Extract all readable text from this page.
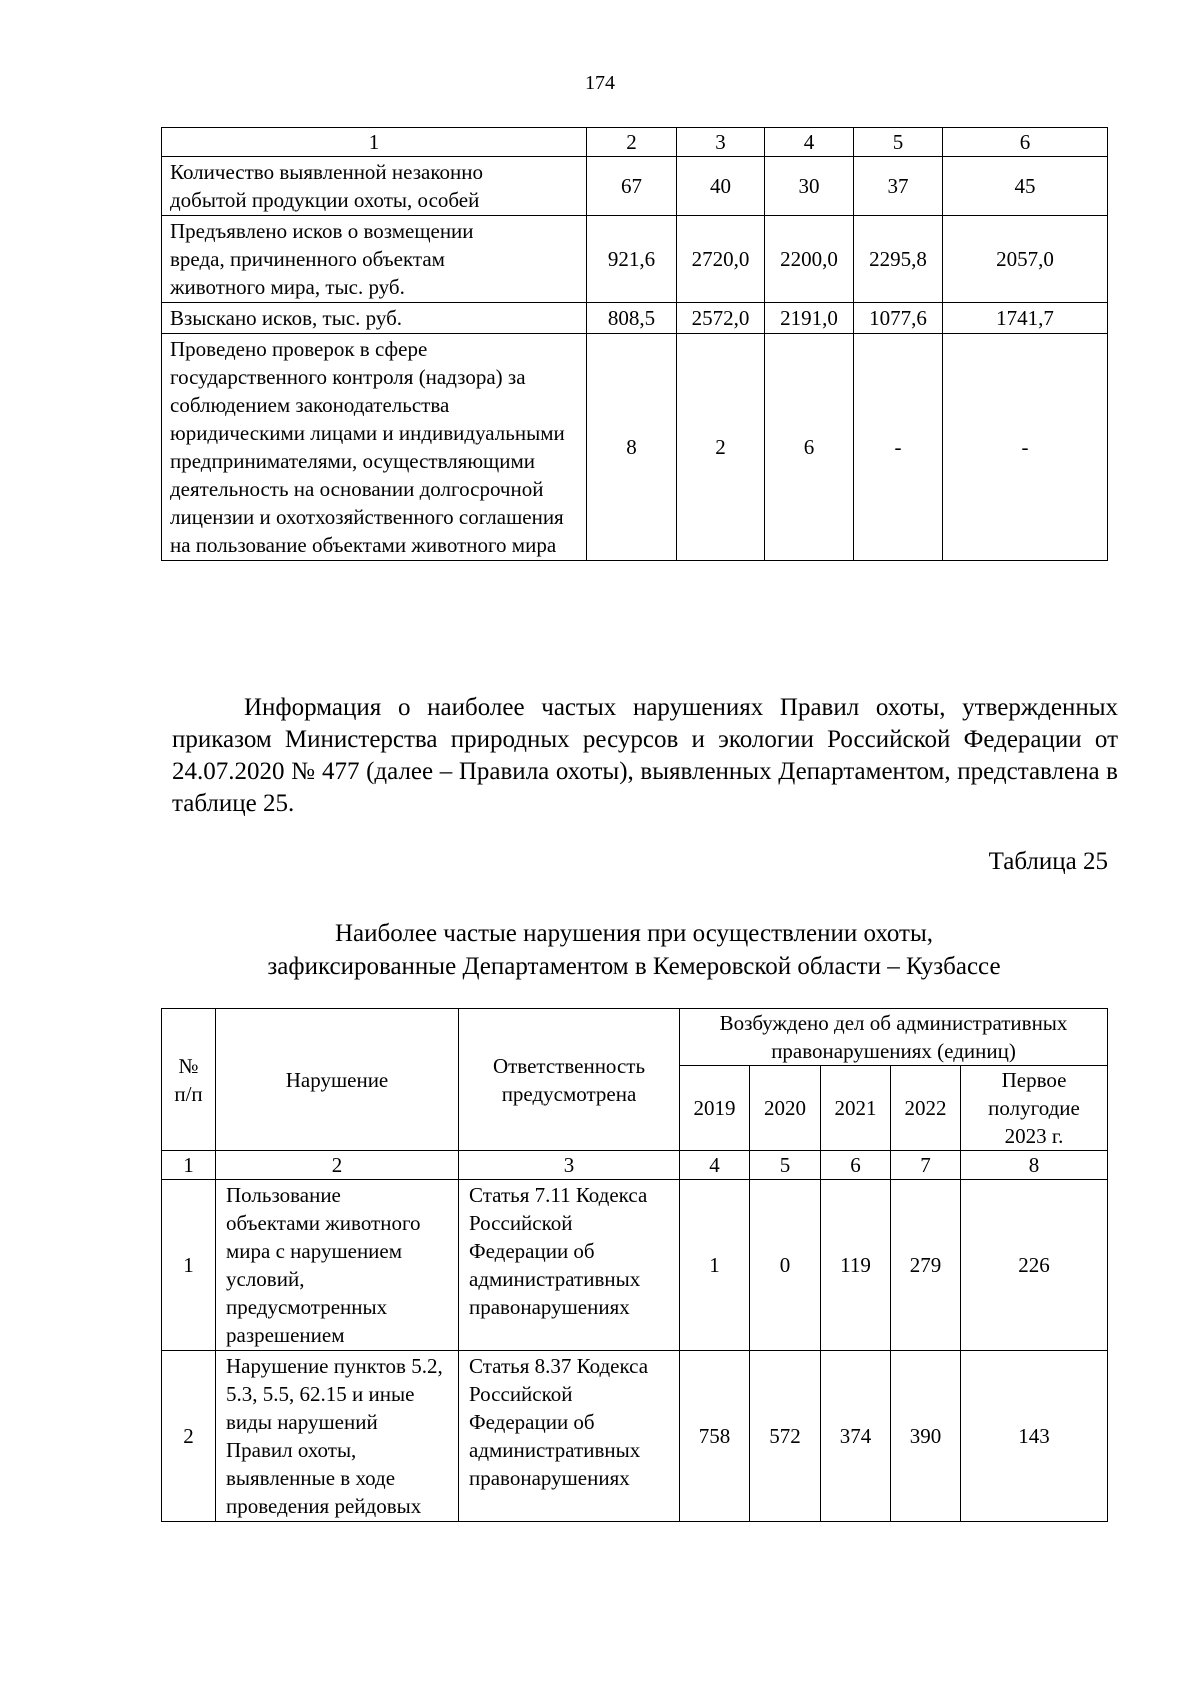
174
1	2	3	4	5	6

Количество выявленной незаконно добытой продукции охоты, особей	67	40	30	37	45

Предъявлено исков о возмещении вреда, причиненного объектам животного мира, тыс. руб.	921,6	2720,0	2200,0	2295,8	2057,0
Взыскано исков, тыс. руб.	808,5	2572,0	2191,0	1077,6	1741,7

Проведено проверок в сфере государственного контроля (надзора) за соблюдением законодательства юридическими лицами и индивидуальными предпринимателями, осуществляющими деятельность на основании долгосрочной лицензии и охотхозяйственного соглашения на пользование объектами животного мира	8	2	6	-	-
Информация о наиболее частых нарушениях Правил охоты, утвержденных приказом Министерства природных ресурсов и экологии Российской Федерации от 24.07.2020 № 477 (далее – Правила охоты), выявленных Департаментом, представлена в таблице 25.
Таблица 25
Наиболее частые нарушения при осуществлении охоты,
зафиксированные Департаментом в Кемеровской области – Кузбассе
№ п/п	Нарушение	Ответственность предусмотрена	Возбуждено дел об административных правонарушениях (единиц)				
			2019	2020	2021	2022	Первое полугодие 2023 г.

1	2	3	4	5	6	7	8
1	Пользование объектами животного мира с нарушением условий, предусмотренных разрешением	Статья 7.11 Кодекса Российской Федерации об административных правонарушениях	1	0	119	279	226
2	Нарушение пунктов 5.2, 5.3, 5.5, 62.15 и иные виды нарушений Правил охоты, выявленные в ходе проведения рейдовых	Статья 8.37 Кодекса Российской Федерации об административных правонарушениях	758	572	374	390	143
